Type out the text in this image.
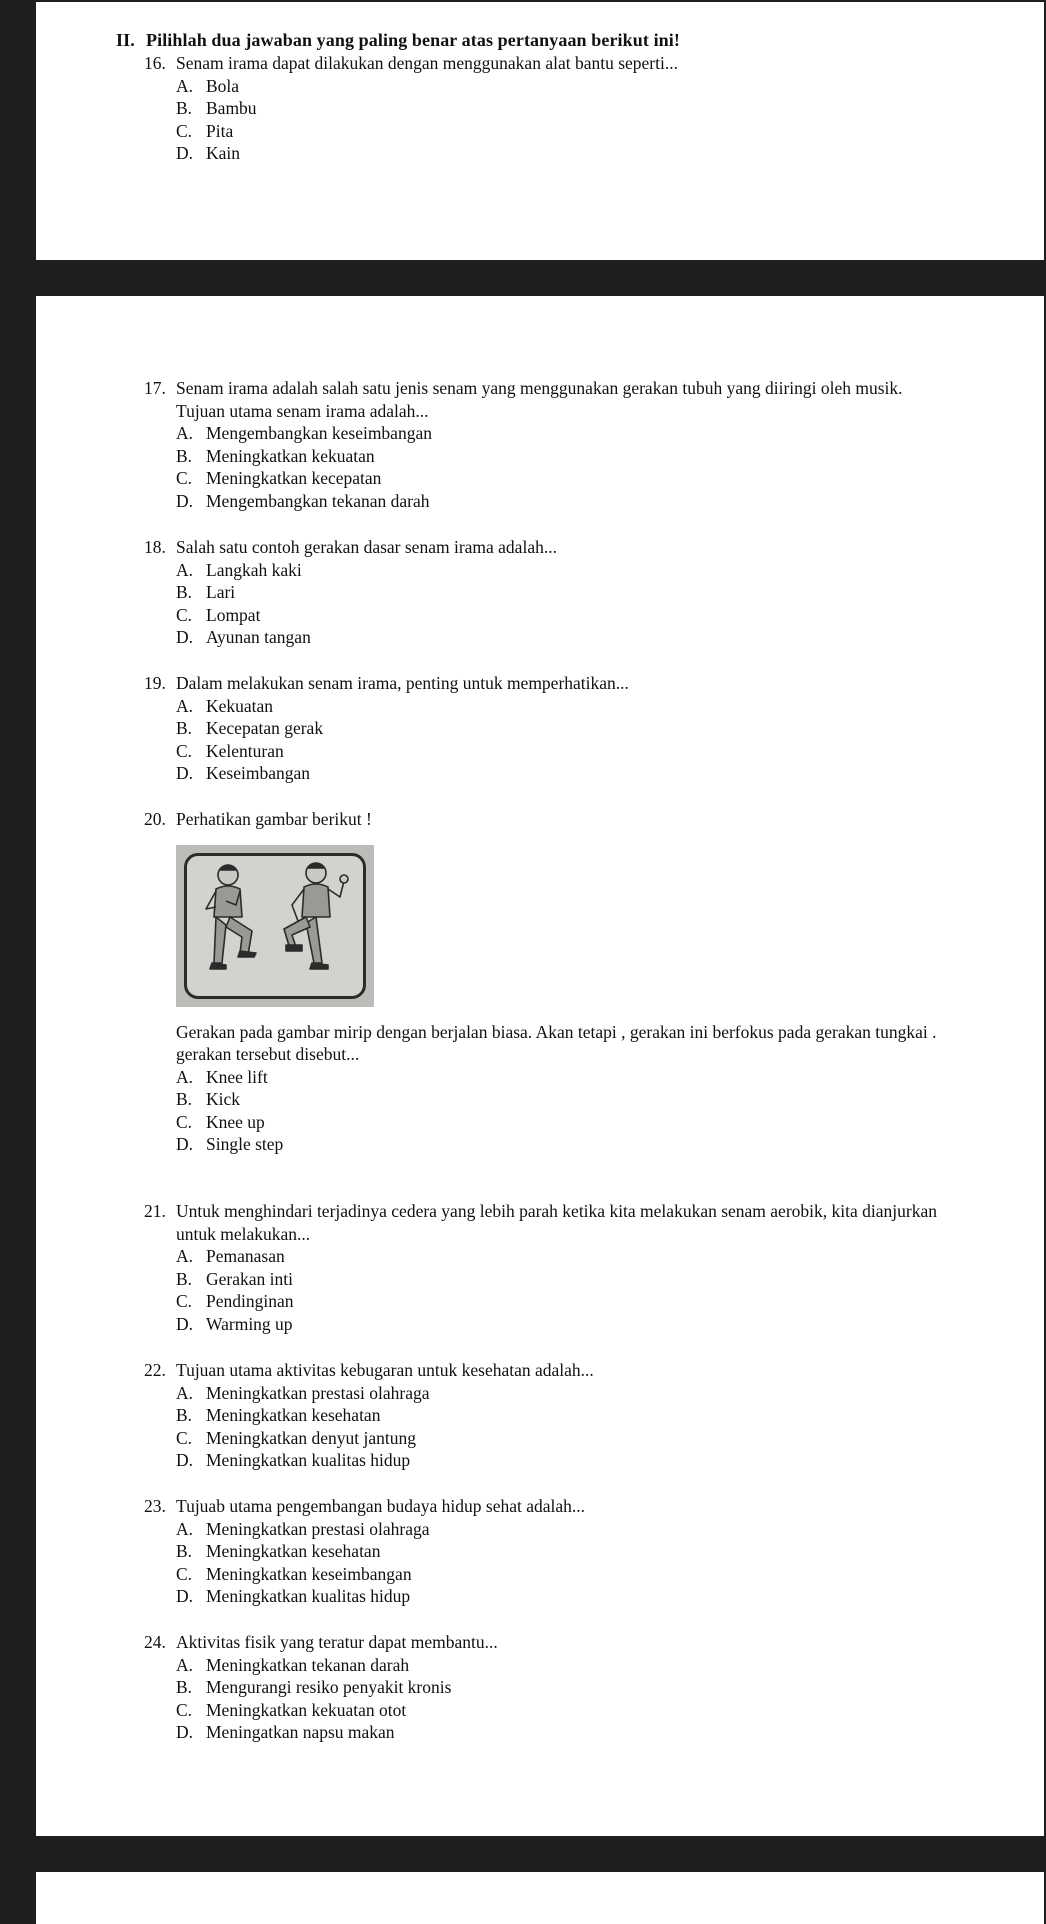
II. Pilihlah dua jawaban yang paling benar atas pertanyaan berikut ini!
16. Senam irama dapat dilakukan dengan menggunakan alat bantu seperti...
A. Bola
B. Bambu
C. Pita
D. Kain
17. Senam irama adalah salah satu jenis senam yang menggunakan gerakan tubuh yang diiringi oleh musik. Tujuan utama senam irama adalah...
A. Mengembangkan keseimbangan
B. Meningkatkan kekuatan
C. Meningkatkan kecepatan
D. Mengembangkan tekanan darah
18. Salah satu contoh gerakan dasar senam irama adalah...
A. Langkah kaki
B. Lari
C. Lompat
D. Ayunan tangan
19. Dalam melakukan senam irama, penting untuk memperhatikan...
A. Kekuatan
B. Kecepatan gerak
C. Kelenturan
D. Keseimbangan
20. Perhatikan gambar berikut !
Gerakan pada gambar mirip dengan berjalan biasa. Akan tetapi , gerakan ini berfokus pada gerakan tungkai . gerakan tersebut disebut...
A. Knee lift
B. Kick
C. Knee up
D. Single step
21. Untuk menghindari terjadinya cedera yang lebih parah ketika kita melakukan senam aerobik, kita dianjurkan untuk melakukan...
A. Pemanasan
B. Gerakan inti
C. Pendinginan
D. Warming up
22. Tujuan utama aktivitas kebugaran untuk kesehatan adalah...
A. Meningkatkan prestasi olahraga
B. Meningkatkan kesehatan
C. Meningkatkan denyut jantung
D. Meningkatkan kualitas hidup
23. Tujuab utama pengembangan budaya hidup sehat adalah...
A. Meningkatkan prestasi olahraga
B. Meningkatkan kesehatan
C. Meningkatkan keseimbangan
D. Meningkatkan kualitas hidup
24. Aktivitas fisik yang teratur dapat membantu...
A. Meningkatkan tekanan darah
B. Mengurangi resiko penyakit kronis
C. Meningkatkan kekuatan otot
D. Meningatkan napsu makan
